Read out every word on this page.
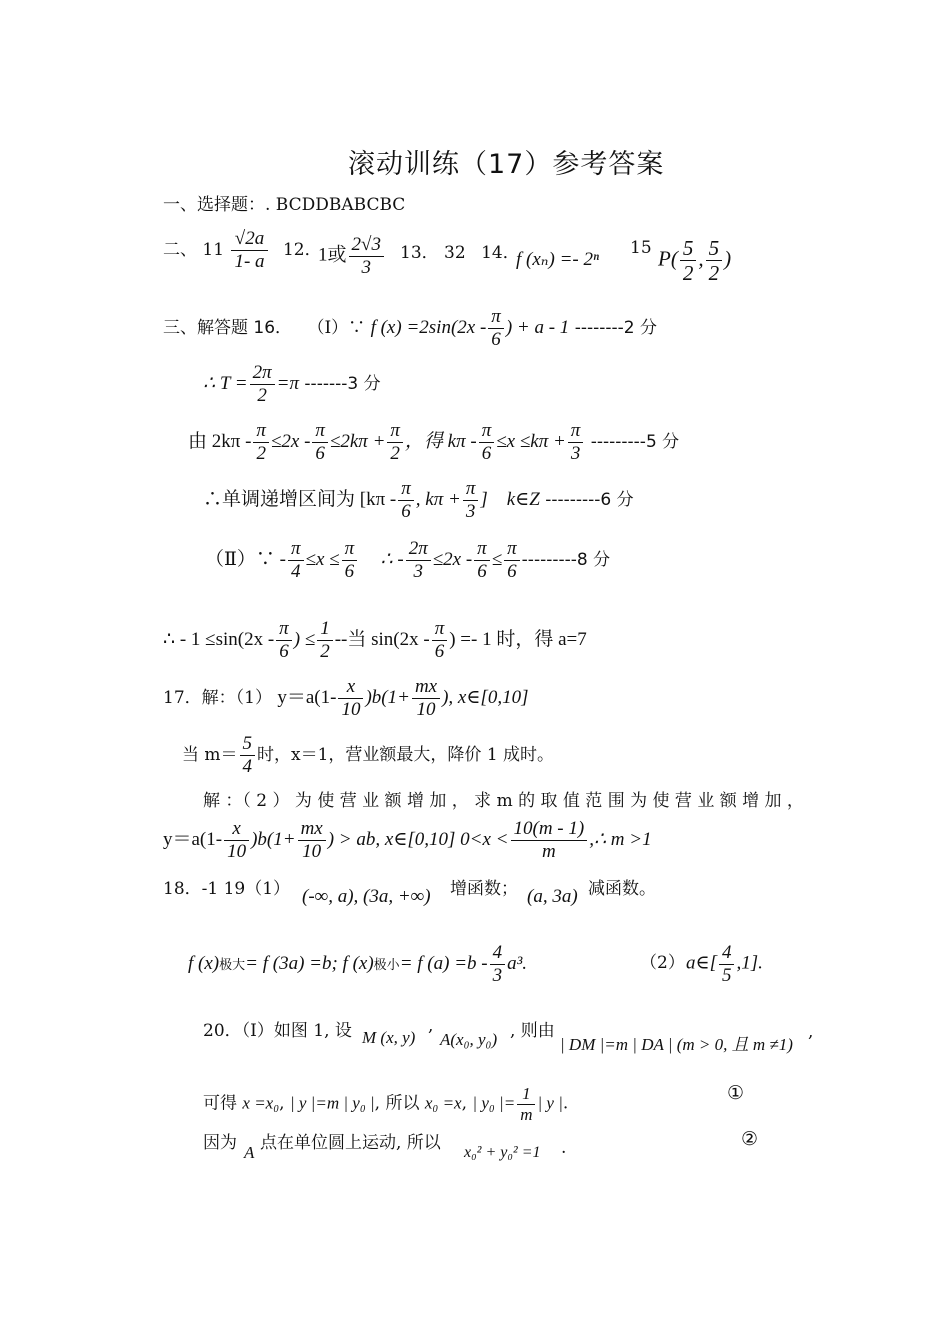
滚动训练（17）参考答案
一、选择题：. BCDDBABCBC
二、 $11 \frac{√2a}{1- a} 12$．
1或 $\frac{2√3}{3} 13$． 32 14．
f (xₙ) =- 2ⁿ
15 $P( \frac{5}{2}$ , $\frac{5}{2}$ )
三、解答题 16． （Ⅰ）∵ f $(x) =2\sin(2x - \frac{\pi}{6}$ ) + a - 1 --------2 分
∴ $T = \frac{2\pi}{2} =\pi$ -------3 分
由 $2k\pi - \frac{\pi}{2} \le 2x - \frac{\pi}{6} \le 2k\pi + \frac{\pi}{2}$ ，得 $k\pi - \frac{\pi}{6} \le x \le k\pi + \frac{\pi}{3} ---------5$ 分
∴单调递增区间为 [$k\pi - \frac{\pi}{6}$ , $k\pi + \frac{\pi}{3}$ ]    k∈Z ---------6 分
（Ⅱ）∵ - $\frac{\pi}{4} \le x \le \frac{\pi}{6}$ ∴ - $\frac{2\pi}{3} \le 2x - \frac{\pi}{6} \le \frac{\pi}{6} ---------8$ 分
∴ - $1 \le\sin(2x - \frac{\pi}{6}$ ) ≤ $\frac{1}{2}$ --当 $\sin(2x - \frac{\pi}{6}$ ) =- 1 时，得 a=7
17．解：（1） $y=a(1- \frac{x}{10} )b(1+ \frac{mx}{10}$ ), x∈[0,10]
当 $m= \frac{5}{4}$ 时，x＝1，营业额最大，降价 1 成时。
解 ：（ 2 ） 为 使 营 业 额 增 加 ， 求 m 的 取 值 范 围 为 使 营 业 额 增 加 ，
$y=a(1- \frac{x}{10} )b(1+ \frac{mx}{10}$ ) > ab, x∈[0,10] $0<x < \frac{10(m - 1)}{m}$ ,∴ m >1
18．-1 19（1） (-∞, a), (3a, +∞) 增函数； (a, 3a) 减函数。
f (x)极大= f (3a) =b; f (x)极小= f $(a) =b - \frac{4}{3} a^3$.	（2） a∈[ $\frac{4}{5} ,1$].
20．（Ⅰ）如图 1, 设 M (x, y)
,
A(x₀, y₀) , 则由
| DM |=m | DA | (m > 0, 且 m ≠1)
,
可得 x =x₀, | y |=m | y₀ |, 所以 x₀ =x, | y₀ |= $\frac{1}{m}$ | y |.	①
因为 A 点在单位圆上运动, 所以 x₀² + y₀² =1 .	②
